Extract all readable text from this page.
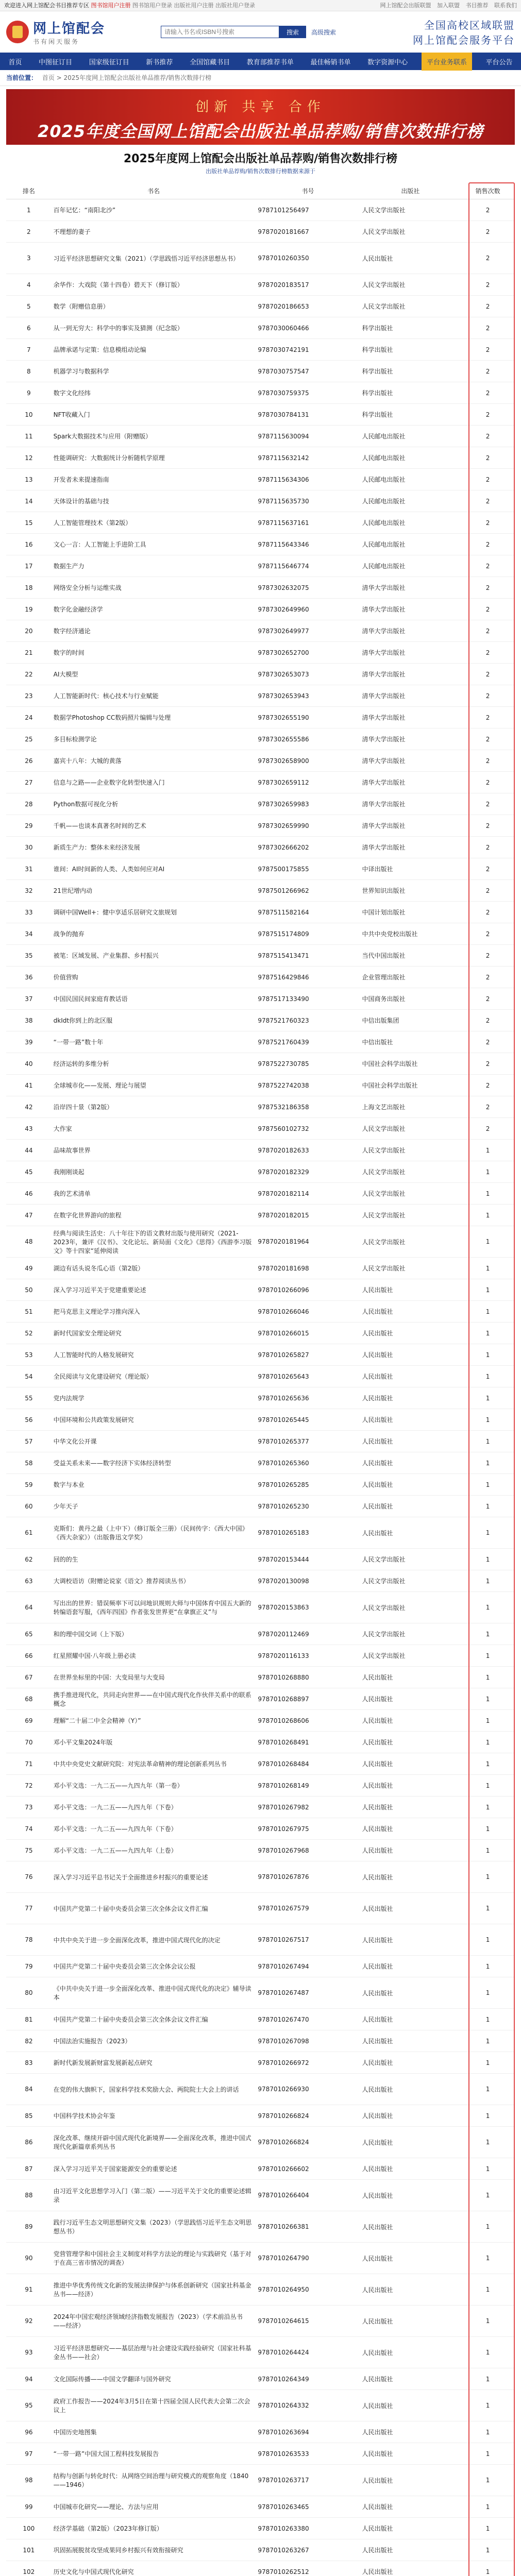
欢迎进入网上馆配会书目推荐专区 图书馆用户注册 图书馆用户登录 出版社用户注册 出版社用户登录	网上馆配会出版联盟 加入联盟 书目推荐 联系我们
网上馆配会
书有闲天服务
请输入书名或ISBN号搜索
搜索	高级搜索
全国高校区域联盟
网上馆配会服务平台
首页	中图征订目	国家级征订目	新书推荐	全国馆藏书目	教育部推荐书单	最佳畅销书单	数字资源中心	平台业务联系	平台公告
当前位置： 首页 > 2025年度网上馆配会出版社单品推荐/销售次数排行榜
创新 共享 合作
2025年度全国网上馆配会出版社单品荐购/销售次数排行榜
2025年度网上馆配会出版社单品荐购/销售次数排行榜
出版社单品荐购/销售次数排行榜数据来源于
排名	书名	书号	出版社	销售次数
1	百年记忆：“南阳北沙”	9787101256497	人民文学出版社	2
2	不理想的妻子	9787020181667	人民文学出版社	2
3	习近平经济思想研究文集（2021）（学思践悟习近平经济思想丛书）	9787010260350	人民出版社	2
4	余华作：大戏院（第十四卷）碧天下（修订版）	9787020183517	人民文学出版社	2
5	数学（附赠信息册）	9787020186653	人民文学出版社	2
6	从一到无穷大：科学中的事实及猜测（纪念版）	9787030060466	科学出版社	2
7	品牌承诺与定策：信息模组动论编	9787030742191	科学出版社	2
8	机器学习与数据科学	9787030757547	科学出版社	2
9	数字文化经纬	9787030759375	科学出版社	2
10	NFT收藏入门	9787030784131	科学出版社	2
11	Spark大数据技术与应用（附赠版）	9787115630094	人民邮电出版社	2
12	性能调研究：大数据统计分析随机学原理	9787115632142	人民邮电出版社	2
13	开发者未来提速指南	9787115634306	人民邮电出版社	2
14	天体设计的基础与技	9787115635730	人民邮电出版社	2
15	人工智能管理技术（第2版）	9787115637161	人民邮电出版社	2
16	文心一言：人工智能上手进阶工具	9787115643346	人民邮电出版社	2
17	数据生产力	9787115646774	人民邮电出版社	2
18	网络安全分析与运维实战	9787302632075	清华大学出版社	2
19	数字化金融经济学	9787302649960	清华大学出版社	2
20	数字经济通论	9787302649977	清华大学出版社	2
21	数字的时间	9787302652700	清华大学出版社	2
22	AI大模型	9787302653073	清华大学出版社	2
23	人工智能新时代：核心技术与行业赋能	9787302653943	清华大学出版社	2
24	数据学Photoshop CC数码照片编辑与处理	9787302655190	清华大学出版社	2
25	多目标检测学论	9787302655586	清华大学出版社	2
26	嘉宾十八年：大城的黄落	9787302658900	清华大学出版社	2
27	信息与之路——企业数字化转型快速入门	9787302659112	清华大学出版社	2
28	Python数据可视化分析	9787302659983	清华大学出版社	2
29	千帆——也谈本真著名时间的艺术	9787302659990	清华大学出版社	2
30	新质生产力：整体未来经济发展	9787302666202	清华大学出版社	2
31	谁间：AI时间新的人类、人类如何应对AI	9787500175855	中译出版社	2
32	21世纪增内动	9787501266962	世界知识出版社	2
33	调研中国Well+：健中享适乐居研究文旅规划	9787511582164	中国计划出版社	2
34	战争的抛弃	9787515174809	中共中央党校出版社	2
35	被笔：区域发展、产业集群、乡村振兴	9787515413471	当代中国出版社	2
36	价值营购	9787516429846	企业管理出版社	2
37	中国民国民间家庭育教话语	9787517133490	中国商务出版社	2
38	dkIdt你到上的北区服	9787521760323	中信出版集团	2
39	“一带一路”数十年	9787521760439	中信出版社	2
40	经济运转的多维分析	9787522730785	中国社会科学出版社	2
41	全球城市化——发展、理论与展望	9787522742038	中国社会科学出版社	2
42	沿岸四十景（第2版）	9787532186358	上海文艺出版社	2
43	大作家	9787560102732	人民文学出版社	2
44	品味故事世界	9787020182633	人民文学出版社	1
45	我刚刚谈起	9787020182329	人民文学出版社	1
46	我的艺术清单	9787020182114	人民文学出版社	1
47	在数字化世界游向的旅程	9787020182015	人民文学出版社	1
48	经典与阅读生活史：八十年往下的语文教材出版与使用研究（2021-2023年，兼评《汉书》、文化论坛、新局面《文化》《思得》《西游李习版文》等十四家“延伸阅读	9787020181964	人民文学出版社	1
49	湖边有话头说冬瓜心语（第2版）	9787020181698	人民文学出版社	1
50	深入学习习近平关于党建重要论述	9787010266096	人民出版社	1
51	把马克思主义理论学习推向深入	9787010266046	人民出版社	1
52	新时代国家安全理论研究	9787010266015	人民出版社	1
53	人工智能时代的人格发展研究	9787010265827	人民出版社	1
54	全民阅读与文化建设研究（理论版）	9787010265643	人民出版社	1
55	党内法规学	9787010265636	人民出版社	1
56	中国环境和公共政策发展研究	9787010265445	人民出版社	1
57	中华文化公开课	9787010265377	人民出版社	1
58	受益关系未来——数字经济下实体经济转型	9787010265360	人民出版社	1
59	数字与本业	9787010265285	人民出版社	1
60	少年天子	9787010265230	人民出版社	1
61	克斯们：黄丹之最（上中下）（修订版全三册）（民间传字：《西大中国》《西大杂家》）（出版鲁迅文学奖）	9787010265183	人民出版社	1
62	回的的生	9787020153444	人民文学出版社	1
63	大调校语访（附赠论说家《语文》推荐阅读丛书）	9787020130098	人民文学出版社	1
64	写出出的世界：错误频率下可以问地识规则大师与中国体育中国五大新的转编语套写服，《西年四国》作者张发世界更“在拿旗正义”与	9787020153863	人民文学出版社	1
65	和的理中国交词（上下版）	9787020112469	人民文学出版社	1
66	红星照耀中国·八年级上册必读	9787020116133	人民文学出版社	1
67	在世界坐标里的中国：大变局里与大变局	9787010268880	人民出版社	1
68	携手推进现代化，共同走向世界——在中国式现代化作伙伴关系中的联系概念	9787010268897	人民出版社	1
69	理解“二十届二中全会精神（Y）”	9787010268606	人民出版社	1
70	邓小平文集2024年版	9787010268491	人民出版社	1
71	中共中央党史文献研究院：对宪法革命精神的理论创新系列丛书	9787010268484	人民出版社	1
72	邓小平文选：一九二五——九四九年（第一卷）	9787010268149	人民出版社	1
73	邓小平文选：一九二五——九四九年（下卷）	9787010267982	人民出版社	1
74	邓小平文选：一九二五——九四九年（下卷）	9787010267975	人民出版社	1
75	邓小平文选：一九二五——九四九年（上卷）	9787010267968	人民出版社	1
76	深入学习习近平总书记关于全面推进乡村振兴的重要论述	9787010267876	人民出版社	1
77	中国共产党第二十届中央委员会第三次全体会议文件汇编	9787010267579	人民出版社	1
78	中共中央关于进一步全面深化改革，推进中国式现代化的决定	9787010267517	人民出版社	1
79	中国共产党第二十届中央委员会第三次全体会议公报	9787010267494	人民出版社	1
80	《中共中央关于进一步全面深化改革、推进中国式现代化的决定》辅导读本	9787010267487	人民出版社	1
81	中国共产党第二十届中央委员会第三次全体会议文件汇编	9787010267470	人民出版社	1
82	中国法治实施报告（2023）	9787010267098	人民出版社	1
83	新时代新发展新财富发展新起点研究	9787010266972	人民出版社	1
84	在党的伟大旗帜下，国家科学技术奖励大会、两院院士大会上的讲话	9787010266930	人民出版社	1
85	中国科学技术协会年鉴	9787010266824	人民出版社	1
86	深化改革、继续开辟中国式现代化新境界——全面深化改革，推进中国式现代化新篇章系列丛书	9787010266824	人民出版社	1
87	深入学习习近平关于国家能源安全的重要论述	9787010266602	人民出版社	1
88	由习近平文化思想学习入门（第二版）——习近平关于文化的重要论述辑录	9787010266404	人民出版社	1
89	践行习近平生态文明思想研究文集（2023）（学思践悟习近平生态文明思想丛书）	9787010266381	人民出版社	1
90	党营管理学和中国社会主义制度对科学方法论的理论与实践研究（基于对于在高三省市情况的调查）	9787010264790	人民出版社	1
91	推进中华优秀传统文化新的发展法律保护与体系创新研究（国家社科基金丛书——经济）	9787010264950	人民出版社	1
92	2024年中国宏观经济领域经济指数发展报告（2023）（学术前沿丛书——经济）	9787010264615	人民出版社	1
93	习近平经济思想研究——基层治理与社会建设实践经验研究（国家社科基金丛书——社会）	9787010264424	人民出版社	1
94	文化国际传播——中国文学翻译与国外研究	9787010264349	人民出版社	1
95	政府工作报告——2024年3月5日在第十四届全国人民代表大会第二次会议上	9787010264332	人民出版社	1
96	中国历史地图集	9787010263694	人民出版社	1
97	“一带一路”中国大国工程科技发展报告	9787010263533	人民出版社	1
98	结构与创新与转化时代：从网络空间治理与研究模式的观察角度（1840——1946）	9787010263717	人民出版社	1
99	中国城市化研究——理论、方法与应用	9787010263465	人民出版社	1
100	经济学基础（第2版）（2023年修订版）	9787010263380	人民出版社	1
101	巩固拓展脱贫攻坚成果同乡村振兴有效衔接研究	9787010263267	人民出版社	1
102	历史文化与中国式现代化研究	9787010262512	人民出版社	1
